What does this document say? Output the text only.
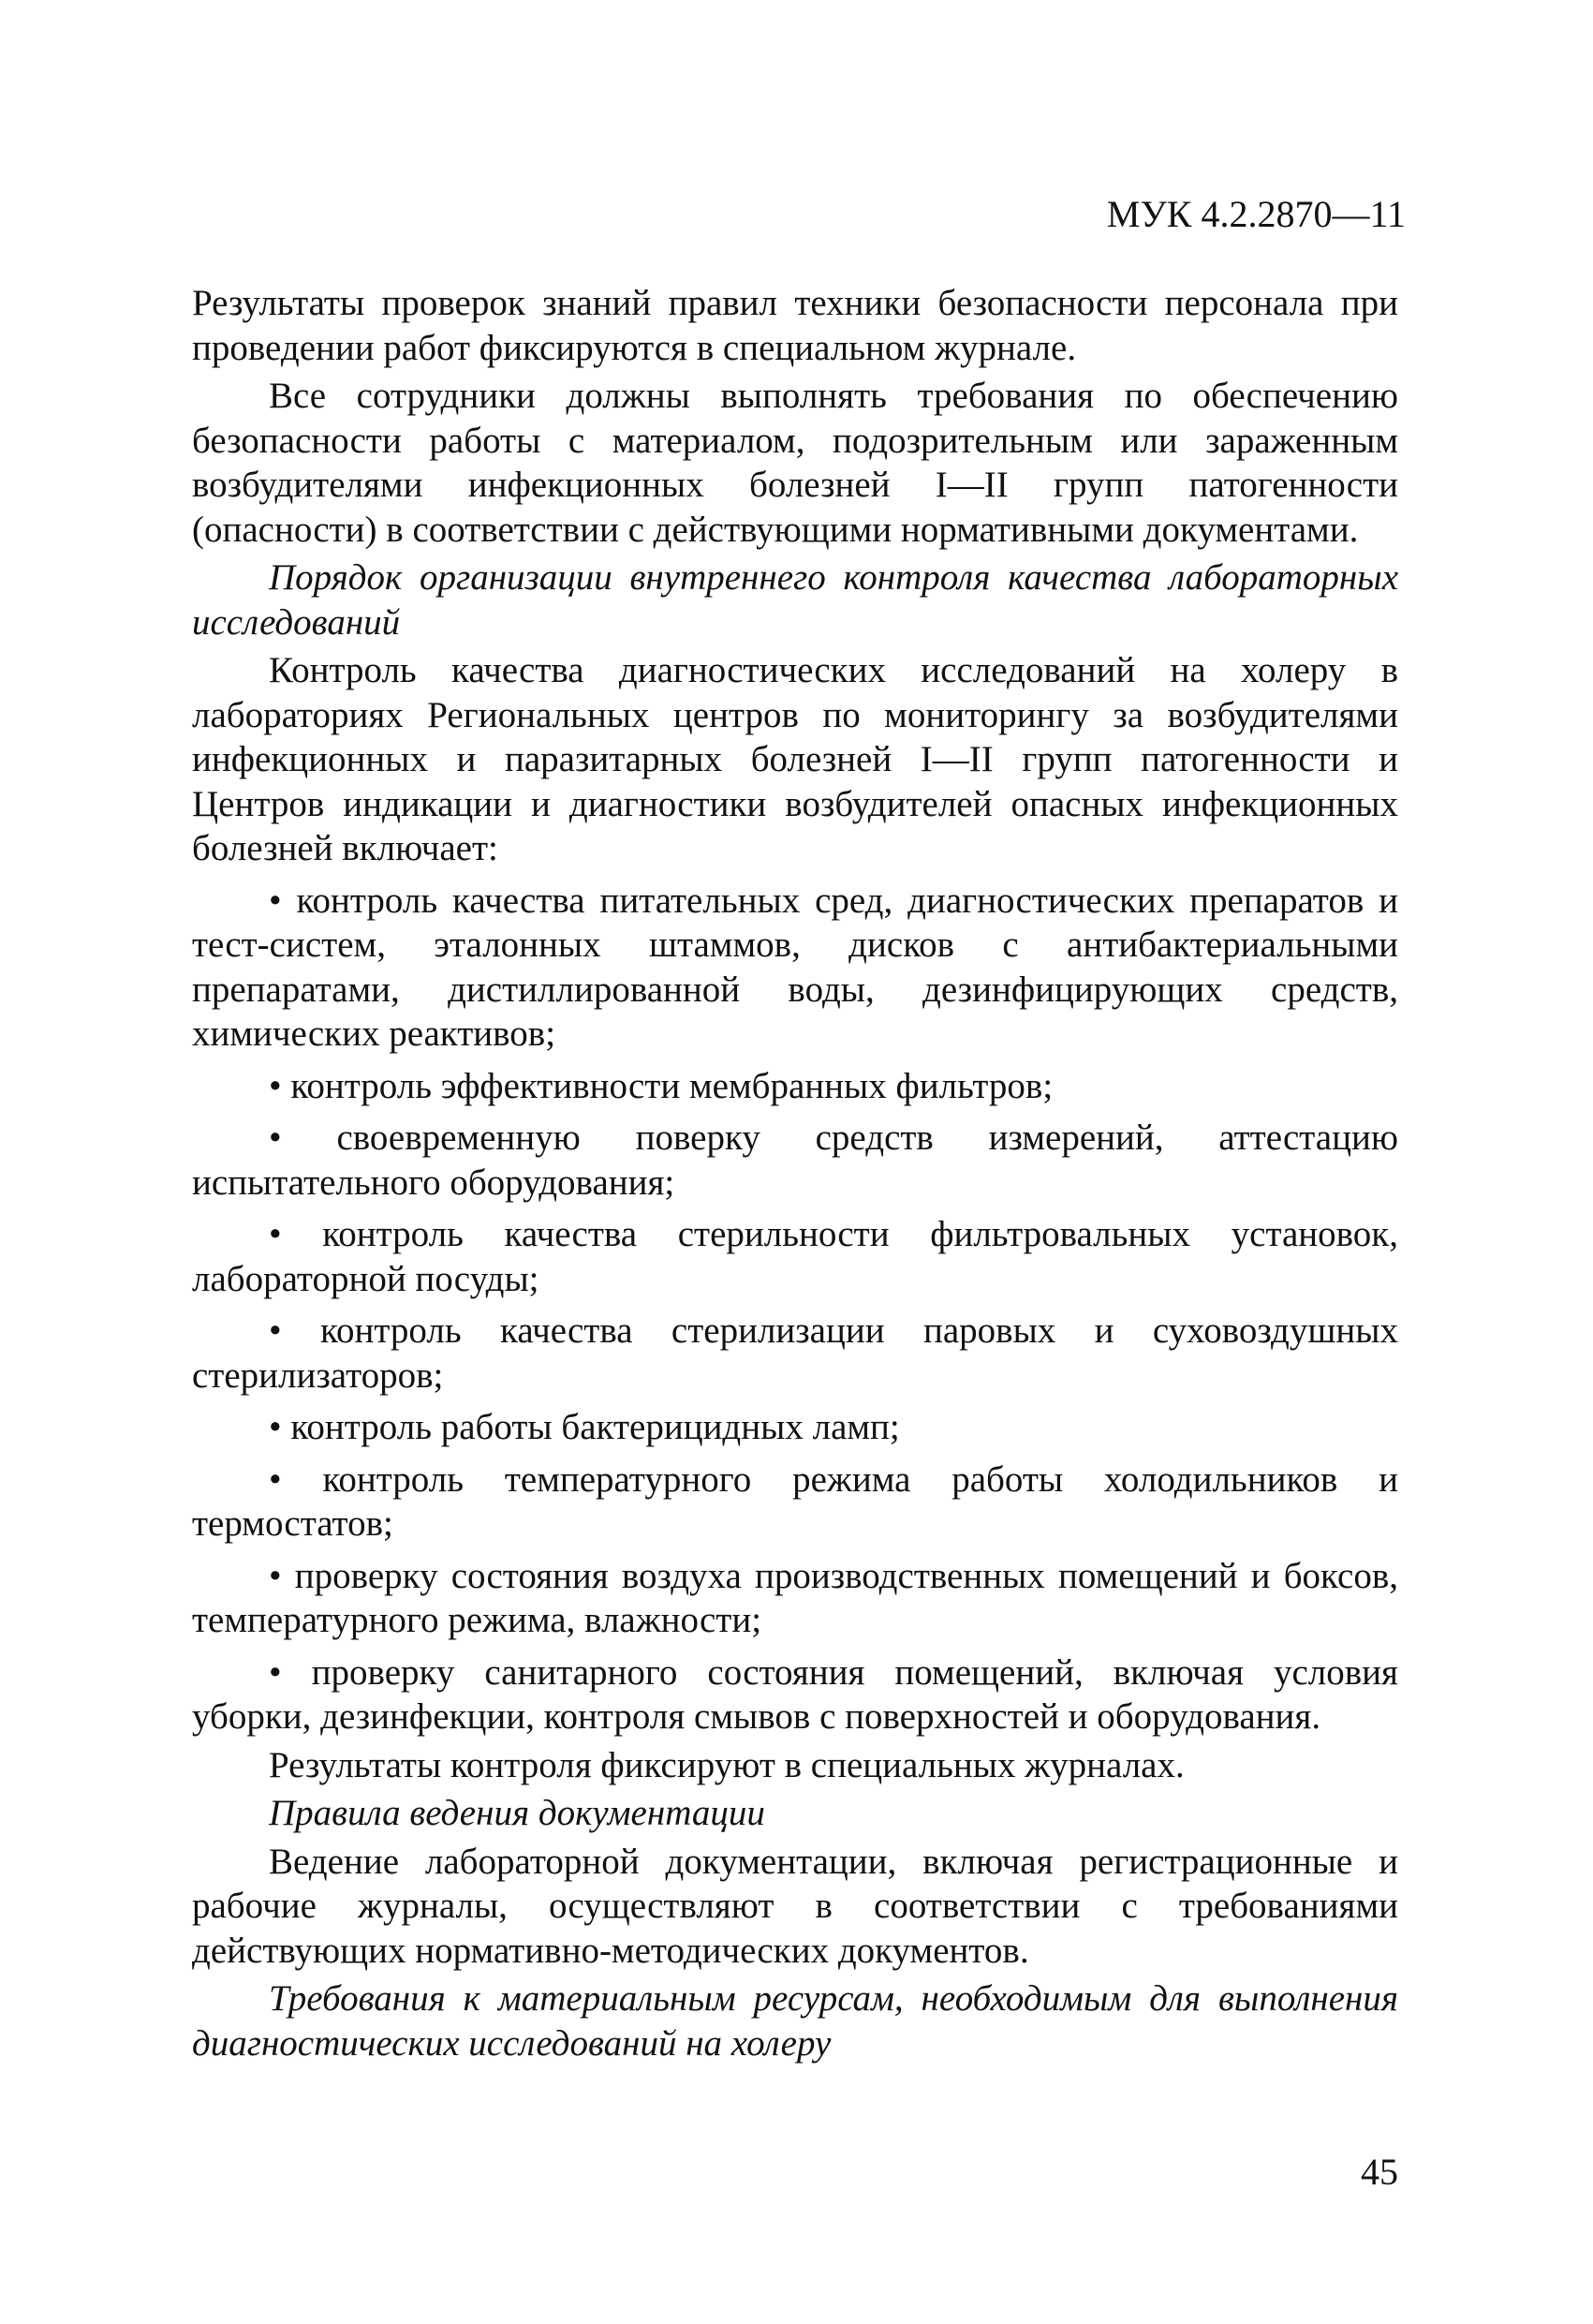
МУК 4.2.2870—11

Результаты проверок знаний правил техники безопасности персонала при проведении работ фиксируются в специальном журнале.

Все сотрудники должны выполнять требования по обеспечению безопасности работы с материалом, подозрительным или зараженным возбудителями инфекционных болезней I—II групп патогенности (опасности) в соответствии с действующими нормативными документами.

Порядок организации внутреннего контроля качества лабораторных исследований

Контроль качества диагностических исследований на холеру в лабораториях Региональных центров по мониторингу за возбудителями инфекционных и паразитарных болезней I—II групп патогенности и Центров индикации и диагностики возбудителей опасных инфекционных болезней включает:

• контроль качества питательных сред, диагностических препаратов и тест-систем, эталонных штаммов, дисков с антибактериальными препаратами, дистиллированной воды, дезинфицирующих средств, химических реактивов;

• контроль эффективности мембранных фильтров;

• своевременную поверку средств измерений, аттестацию испытательного оборудования;

• контроль качества стерильности фильтровальных установок, лабораторной посуды;

• контроль качества стерилизации паровых и суховоздушных стерилизаторов;

• контроль работы бактерицидных ламп;

• контроль температурного режима работы холодильников и термостатов;

• проверку состояния воздуха производственных помещений и боксов, температурного режима, влажности;

• проверку санитарного состояния помещений, включая условия уборки, дезинфекции, контроля смывов с поверхностей и оборудования.

Результаты контроля фиксируют в специальных журналах.

Правила ведения документации

Ведение лабораторной документации, включая регистрационные и рабочие журналы, осуществляют в соответствии с требованиями действующих нормативно-методических документов.

Требования к материальным ресурсам, необходимым для выполнения диагностических исследований на холеру

45
